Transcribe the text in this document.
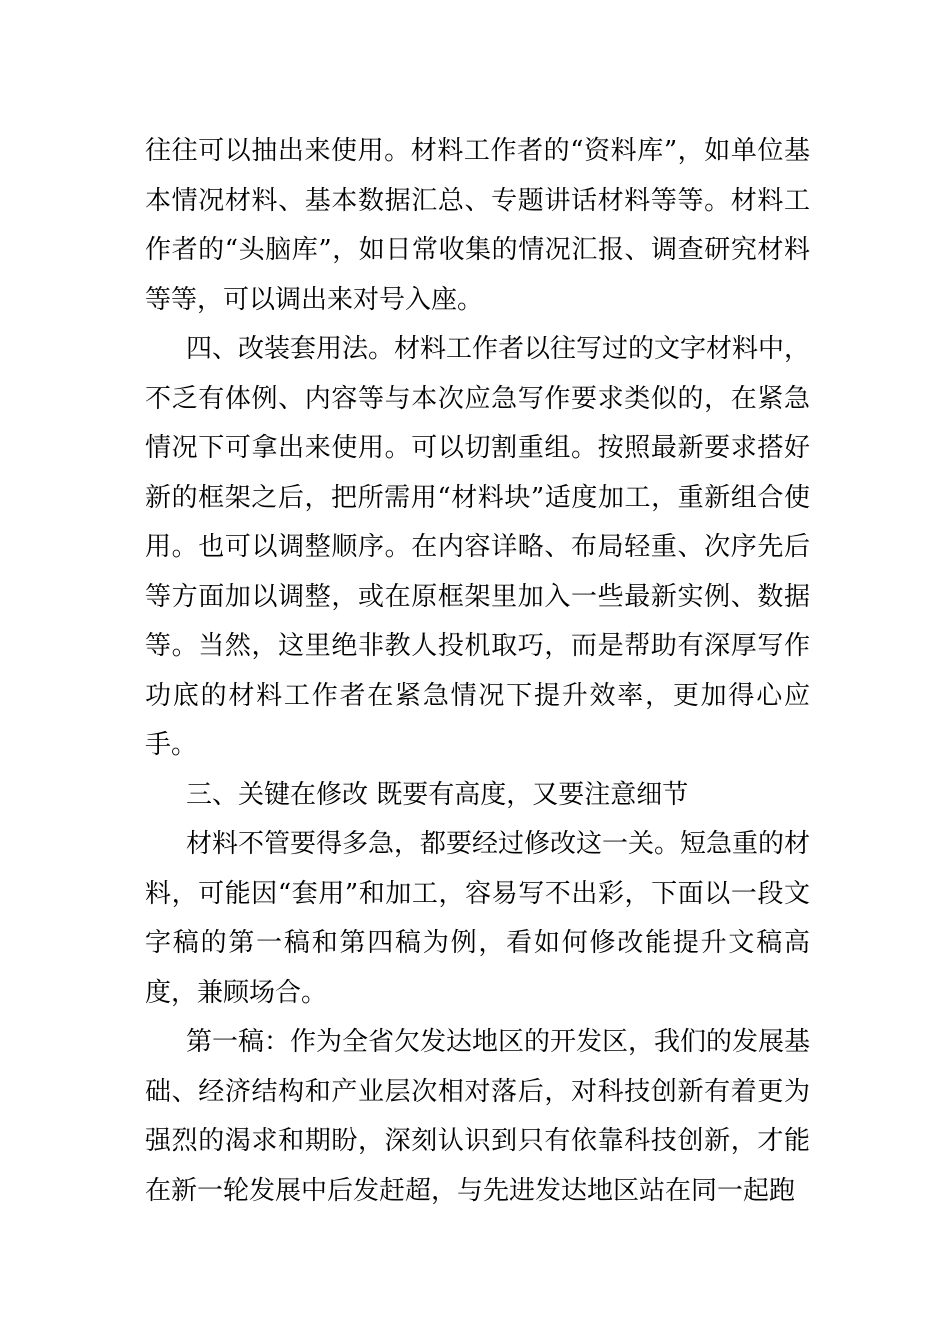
往往可以抽出来使用。材料工作者的“资料库”，如单位基本情况材料、基本数据汇总、专题讲话材料等等。材料工作者的“头脑库”，如日常收集的情况汇报、调查研究材料等等，可以调出来对号入座。

四、改装套用法。材料工作者以往写过的文字材料中，不乏有体例、内容等与本次应急写作要求类似的，在紧急情况下可拿出来使用。可以切割重组。按照最新要求搭好新的框架之后，把所需用“材料块”适度加工，重新组合使用。也可以调整顺序。在内容详略、布局轻重、次序先后等方面加以调整，或在原框架里加入一些最新实例、数据等。当然，这里绝非教人投机取巧，而是帮助有深厚写作功底的材料工作者在紧急情况下提升效率，更加得心应手。

三、关键在修改 既要有高度，又要注意细节

材料不管要得多急，都要经过修改这一关。短急重的材料，可能因“套用”和加工，容易写不出彩，下面以一段文字稿的第一稿和第四稿为例，看如何修改能提升文稿高度，兼顾场合。

第一稿：作为全省欠发达地区的开发区，我们的发展基础、经济结构和产业层次相对落后，对科技创新有着更为强烈的渴求和期盼，深刻认识到只有依靠科技创新，才能在新一轮发展中后发赶超，与先进发达地区站在同一起跑
